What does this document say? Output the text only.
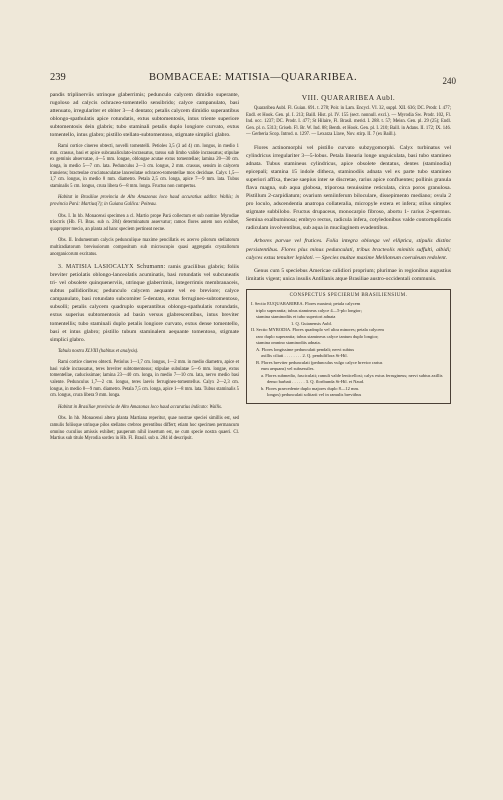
239	BOMBACEAE: MATISIA—QUARARIBEA.	240

pandis triplinerviis utrinque glaberrimis; pedunculo calycem dimidio superante, rugoloso ad calycis ochraceo-tomentello sensibrido; calyce campanulato, basi attenuato, irregulariter et obiter 3—4 dentato; petalis calycem dimidio superantibus oblongo-spathulatis apice rotundatis, extus subtomentosis, intus triente superiore subtomentosis dein glabris; tubo staminali petalis duplo longiore curvato, extus tomentello, intus glabro; pistillo stellato-subtomentoso, stigmate simplici glabro.

Rami cortice cinereo obtecti, novelli tomentelli. Petioles 3,5 (3 ad 4) cm. longus, in medio 1 mm. crassus, basi et apice subcanaliculato-incrassatus, tarsus sub limbo valide incrassatus; stipulae ex geminis abservatae, 4—5 mm. longae, oblongae acutae extus tomentellae; lamina 20—30 cm. longa, in medio 5—7 cm. lata. Pedunculus 2—3 cm. longus, 2 mm. crassus, sensim in calycem transiens; bracteolae cruciatoaculatae lanceolatae ochraceo-tomentellae mox deciduae. Calyx 1,5—1,7 cm. longus, in medio 8 mm. diametro. Petala 2,5 cm. longa, apice 7—9 mm. lata. Tubus staminalis 5 cm. longus, crura libera 6—8 mm. longa. Fructus non compertus.

Habitat in Brasiliae provincia de Alto Amazonas loco haud accuratius addito: Wallis; in provincia Pará: Martius(?); in Guiana Gallica: Poiteau.

Obs. I. In hb. Monacensi specimen a cl. Martio prope Pará collectum et sub nomine Myrodiae triocrris (Hb. Fl. Bras. sub n. 284) determinatum asservatur; ramos flores autem non exhibet, quapropter mecio, an planta ad hanc speciem pertineat necne.

Obs. II. Indumentum calycis pedunculique maxime pencillatis ex acervo pilorum stellatorum multiradiatorum breviusiorum compositum sub microscopio quasi aggregatis crystallorum anorganicorum excitatus.

3. MATISIA LASIOCALYX Schumann: ramis gracilibus glabris; foliis breviter petiolatis oblongo-lanceolatis acuminatis, basi rotundatis vel subcuneatis tri- vel obsolete quinquenerviis, utrinque glaberrimis, integerrimis membranaceis, subtus pallidioribus; pedunculo calycem aequante vel eo breviore; calyce campanulato, basi rotundato subcomiter 5-dentato, extus ferrugineo-subtomentoso, subsolli; petalis calycem quadruplo superantibus oblongo-spathulatis rotundatis, extus superius subtomentosis ad basin versus glabrescentibus, intus breviter tomentellis; tubo staminali duplo petalis longiore curvato, extus dense tomentello, basi et intus glabro; pistillo tubum staminalem aequante tomentoso, stigmate simplici glabro.

Tabula nostra XLVIII (habitus et analysis).

Rami cortice cinereo obtecti. Petiolus 1—1,7 cm. longus, 1—2 mm. in medio diametro, apice et basi valde incrassatus, teres breviter subtomentosus; stipulae subulatae 5—6 mm. longae, extus tomentellae, caducissimae; lamina 23—40 cm. longa, in medio 7—10 cm. lata, nervo medio basi valente. Pedunculus 1,7—2 cm. longus, teres laevis ferrugineo-tomentellus. Calyx 2—2,3 cm. longus, in medio 8—9 mm. diametro. Petala 7,5 cm. longa, apice 1—8 mm. lata. Tubus staminalis 5 cm. longus, crura libera 9 mm. longa.

Habitat in Brasiliae provincia de Alto Amazonas loco haud accuratius indicato: Wallis.

Obs. In hb. Monacensi altera planta Martiana reperitur, quae nostrae speciei simillis est, sed ramulis foliisque utrinque pilos stellatos crebros gerentibus differt; etiam hoc specimen permancum omnino cuculius amissis exhibet; pauperum nihil insertum est, ne cum specie nostra quaeri. Cl. Martius sub titulo Myrodia sordex in Hb. Fl. Brasil. sub n. 284 id descripsit.

VIII. QUARARIBEA Aubl.

Quararibea Aubl. Fl. Guian. 691. t. 278; Poir. in Lam. Encycl. VI. 32, suppl. XII. 636; DC. Prodr. I. 477; Endl. et Hook. Gen. pl. I. 213; Baill. Hist. pl. IV. 155 (sect. nonnull. excl.). — Myrodia Sw. Prodr. 102, Fl. Ind. occ. 1237; DC. Prodr. I. 477; St Hilaire, Fl. Brasil. merid. I. 288. t. 57; Meisn. Gen. pl. 29 (25); Endl. Gen. pl. n. 5313; Griseb. Fl. Br. W. Ind. 88; Benth. et Hook. Gen. pl. I. 210; Baill. in Adans. II. 172; IX. 146. — Gerberia Scop. Introd. n. 1297. — Lexarza Llave, Nov. stirp. II. 7 (ex Baill.).

Flores actinomorphi vel pistillo curvato subzygomorphi. Calyx turbinatus vel cylindricus irregulariter 3—5-lobus. Petala linearia longe unguiculata, basi tubo stamineo adnata. Tubus stamineus cylindricus, apice obsolete dentatus, dentes (staminodia) epicepali; stamina 15 indole dithеca, staminodiis adnata vel ex parte tubo stamineo superiori affixa, thecae saepius inter se discretae, rarius apice confluentes; pollinis granula flava magna, sub aqua globosa, triporosa tenuissime reticulata, circa poros granulosa. Pistillum 2-carpidiatum; ovarium semiinferum biloculare, dissepimento mediano; ovula 2 pro loculo, adscendentia anatropa collateralia, micropyle extera et infera; stilus simplex stigmate subbilobo. Fructus drupaceus, monocarpio fibroso, abortu 1- rarius 2-spermus. Semina exalbuminosa; embryo rectus, radicula infera, cotyledonibus valde contortuplicatis radiculam involventibus, sub aqua in mucilaginem evadentibus.

Arbores parvae vel frutices. Folia integra oblonga vel elliptica, stipulis distinc persistentibus. Flores plus minus pedunculati, tribus bracteolis mimitis suffulti, albidi; calyces extus tenuiter lepidoti. — Species multae maxime Meliloteum coeruleum redolent.

Genus cum 5 speciebus Americae calidiori proprium; plurimae in regionibus augustius limitatis vigent; unica insulis Antillanis atque Brasiliae austro-occidentali communis.

CONSPECTUS SPECIERUM BRASILIENSIUM.
I. Sectio EUQUARARIBEA. Flores maximi; petala calycem
triplo superantia; tubus stamineus calyce 4—5-plo longior;
stamina staminodiis et tubo superiori adnata
1. Q. Guianensis Aubl.
II. Sectio MYRODIA. Flores quadruplo vel ultra minores; petala calycem
raro duplo superantia; tubus stamineus calyce tantum duplo longior;
stamina omnino staminodiis adnata.
A. Flores longissime pedunculati pendali; nervi subtus
axillis ciliati . . . . . . . . 2. Q. penduliflora St-Hil.
B. Flores breviter pedunculati (pedunculus vulgo calyce brevior rarius
eum aequans) vel subsessiles.
a. Flores submedio, fasciculati; ramuli valde lenticellosi; calyx extus ferrugineus; nervi subtus axillis
denso barbati . . . . . . 3. Q. floribunda St-Hil. et Naud.
b. Flores praecedente duplo majores duplo 8—12 mm.
longos) pedunculati solitarii vel in ramulis breviibus
